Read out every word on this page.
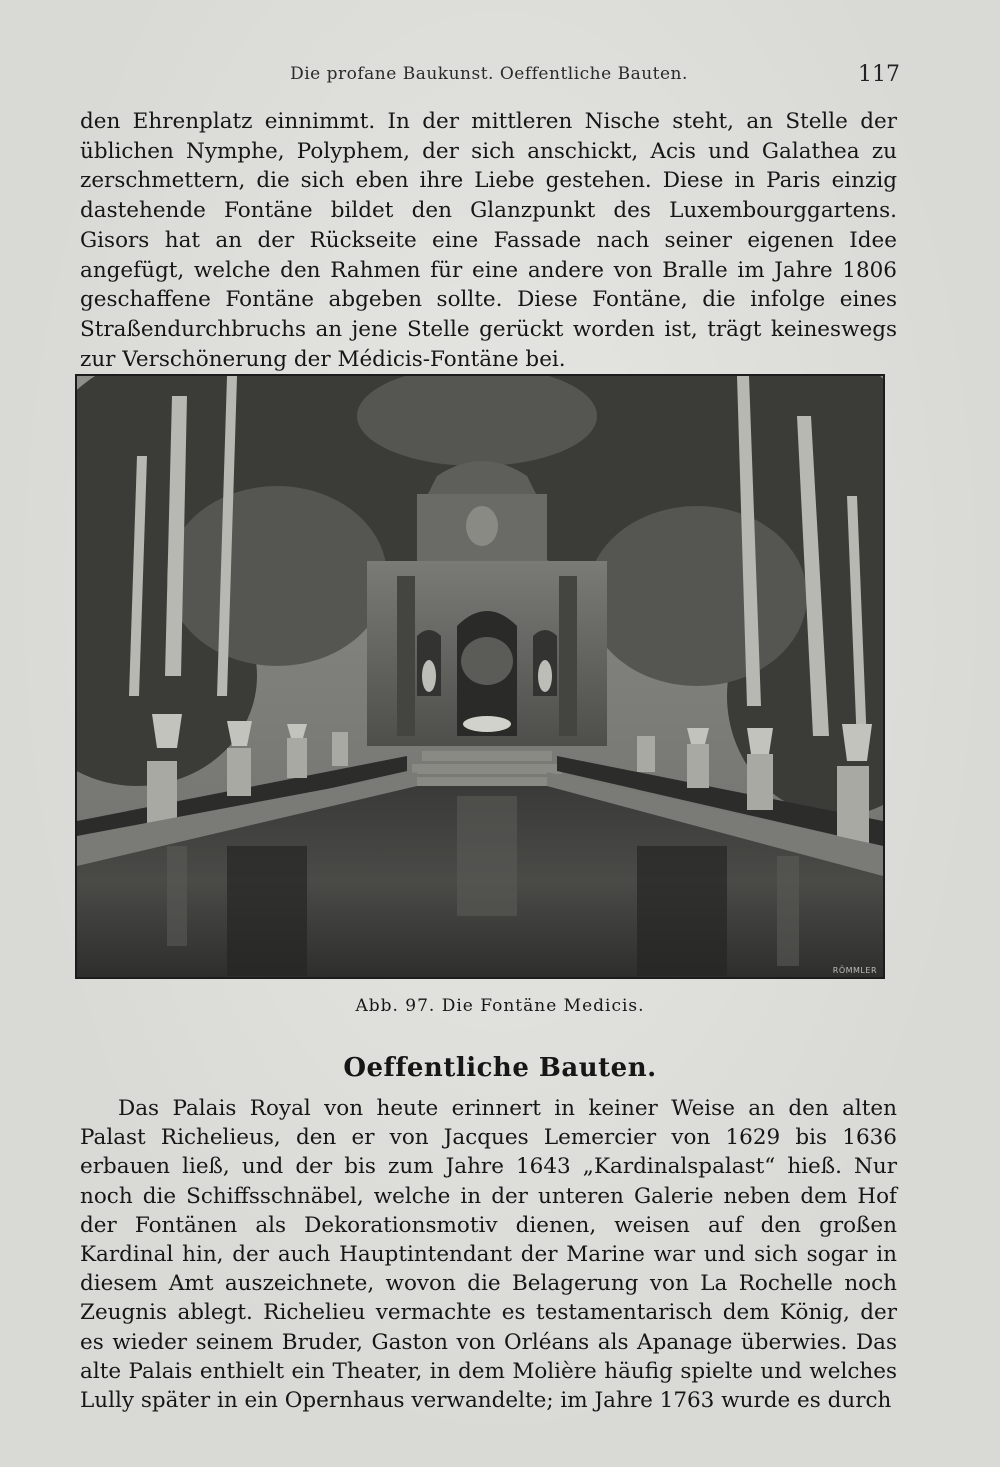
Die profane Baukunst. Oeffentliche Bauten.	117
den Ehrenplatz einnimmt. In der mittleren Nische steht, an Stelle der üblichen Nymphe, Polyphem, der sich anschickt, Acis und Galathea zu zerschmettern, die sich eben ihre Liebe gestehen. Diese in Paris einzig dastehende Fontäne bildet den Glanzpunkt des Luxembourggartens. Gisors hat an der Rückseite eine Fassade nach seiner eigenen Idee angefügt, welche den Rahmen für eine andere von Bralle im Jahre 1806 geschaffene Fontäne abgeben sollte. Diese Fontäne, die infolge eines Straßendurchbruchs an jene Stelle gerückt worden ist, trägt keineswegs zur Verschönerung der Médicis-Fontäne bei.
RÖMMLER
Abb. 97. Die Fontäne Medicis.
Oeffentliche Bauten.
Das Palais Royal von heute erinnert in keiner Weise an den alten Palast Richelieus, den er von Jacques Lemercier von 1629 bis 1636 erbauen ließ, und der bis zum Jahre 1643 „Kardinalspalast“ hieß. Nur noch die Schiffsschnäbel, welche in der unteren Galerie neben dem Hof der Fontänen als Dekorationsmotiv dienen, weisen auf den großen Kardinal hin, der auch Hauptintendant der Marine war und sich sogar in diesem Amt auszeichnete, wovon die Belagerung von La Rochelle noch Zeugnis ablegt. Richelieu vermachte es testamentarisch dem König, der es wieder seinem Bruder, Gaston von Orléans als Apanage überwies. Das alte Palais enthielt ein Theater, in dem Molière häufig spielte und welches Lully später in ein Opernhaus verwandelte; im Jahre 1763 wurde es durch
